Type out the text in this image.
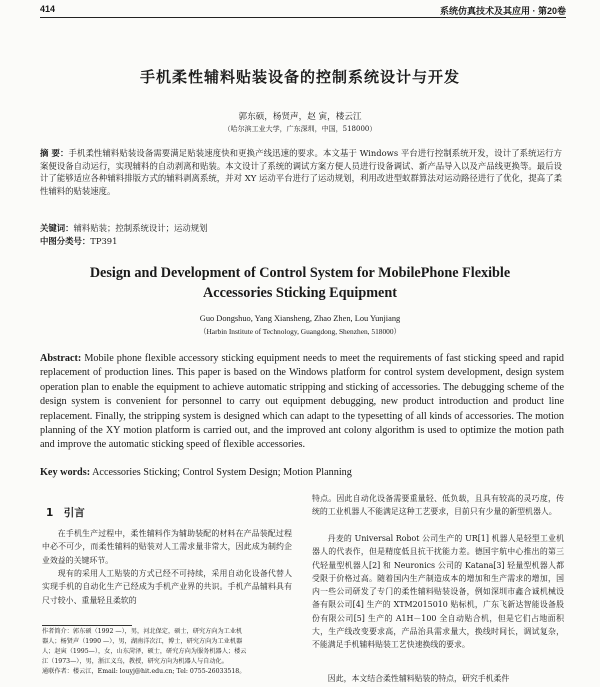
414	系统仿真技术及其应用 · 第20卷
手机柔性辅料贴装设备的控制系统设计与开发
郭东硕，杨贤声，赵 寅，楼云江
（哈尔滨工业大学，广东深圳，中国，518000）
摘 要：手机柔性辅料贴装设备需要满足贴装速度快和更换产线迅速的要求。本文基于 Windows 平台进行控制系统开发，设计了系统运行方案便设备自动运行，实现辅料的自动剥离和贴装。本文设计了系统的调试方案方便人员进行设备调试、新产品导入以及产品线更换等。最后设计了能够适应各种辅料排版方式的辅料剥离系统，并对 XY 运动平台进行了运动规划，利用改进型蚁群算法对运动路径进行了优化，提高了柔性辅料的贴装速度。
关键词：辅料贴装；控制系统设计；运动规划
中图分类号：TP391
Design and Development of Control System for MobilePhone Flexible
Accessories Sticking Equipment
Guo Dongshuo, Yang Xiansheng, Zhao Zhen, Lou Yunjiang
（Harbin Institute of Technology, Guangdong, Shenzhen, 518000）
Abstract: Mobile phone flexible accessory sticking equipment needs to meet the requirements of fast sticking speed and rapid replacement of production lines. This paper is based on the Windows platform for control system development, design system operation plan to enable the equipment to achieve automatic stripping and sticking of accessories. The debugging scheme of the design system is convenient for personnel to carry out equipment debugging, new product introduction and product line replacement. Finally, the stripping system is designed which can adapt to the typesetting of all kinds of accessories. The motion planning of the XY motion platform is carried out, and the improved ant colony algorithm is used to optimize the motion path and improve the automatic sticking speed of flexible accessories.
Key words: Accessories Sticking; Control System Design; Motion Planning
1　引言
在手机生产过程中，柔性辅料作为辅助装配的材料在产品装配过程中必不可少，而柔性辅料的贴装对人工需求量非常大，因此成为制约企业效益的关键环节。
现有的采用人工贴装的方式已经不可持续，采用自动化设备代替人实现手机的自动化生产已经成为手机产业界的共识。手机产品辅料具有尺寸较小、重量轻且柔软的
作者简介：郭东硕（1992 —），男，河北保定，硕士，研究方向为工业机
器人；杨贤声（1990 —），男，湖南洋次江，博士，研究方向为工业机器
人；赵寅（1995—），女，山东菏泽，硕士，研究方向为服务机器人；楼云
江（1973—），男，浙江义乌，教授，研究方向为机器人与自动化。
通联作者：楼云江，Email: louyj@hit.edu.cn; Tel: 0755-26033518。
特点。因此自动化设备需要重量轻、低负载，且具有较高的灵巧度，传统的工业机器人不能满足这种工艺要求，目前只有少量的新型机器人。
丹麦的 Universal Robot 公司生产的 UR[1] 机器人是轻型工业机器人的代表作，但是精度低且抗干扰能力差。德国宇航中心推出的第三代轻量型机器人[2] 和 Neuronics 公司的 Katana[3] 轻量型机器人都受限于价格过高。随着国内生产制造成本的增加和生产需求的增加，国内一些公司研发了专门的柔性辅料贴装设备，例如深圳市鑫合诚机械设备有限公司[4] 生产的 XTM2015010 贴标机，广东飞新达智能设备股份有限公司[5] 生产的 A1H－100 全自动贴合机，但是它们占地面积大，生产线改变要求高，产品治具需求量大，换线时间长，调试复杂，不能满足手机辅料贴装工艺快速换线的要求。
因此，本文结合柔性辅料贴装的特点，研究手机柔件
